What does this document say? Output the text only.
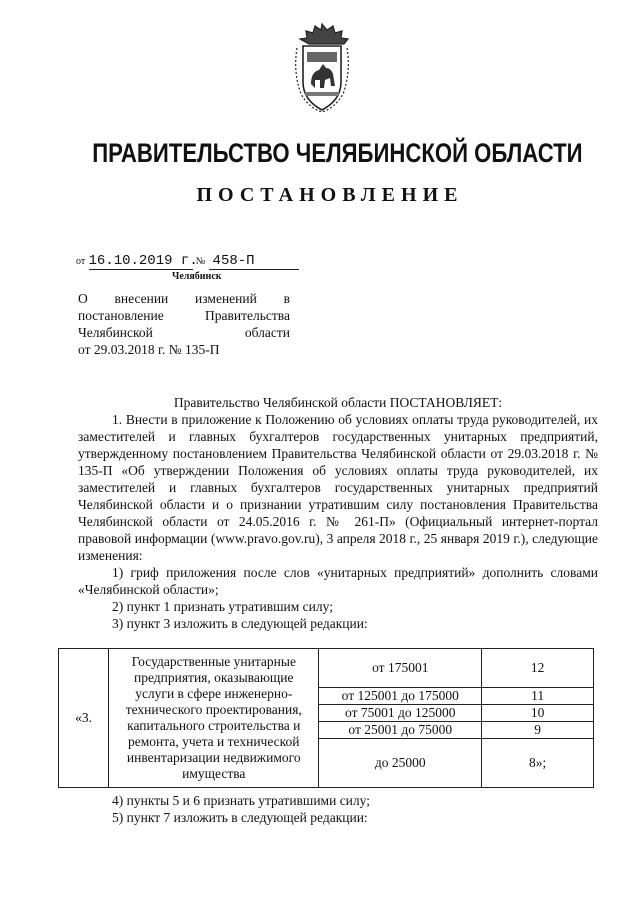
ПРАВИТЕЛЬСТВО ЧЕЛЯБИНСКОЙ ОБЛАСТИ
ПОСТАНОВЛЕНИЕ
от 16.10.2019 г. № 458-П
Челябинск
О внесении изменений в
постановление Правительства
Челябинской области
от 29.03.2018 г. № 135-П

Правительство Челябинской области ПОСТАНОВЛЯЕТ:

1. Внести в приложение к Положению об условиях оплаты труда руководителей, их заместителей и главных бухгалтеров государственных унитарных предприятий, утвержденному постановлением Правительства Челябинской области от 29.03.2018 г. № 135-П «Об утверждении Положения об условиях оплаты труда руководителей, их заместителей и главных бухгалтеров государственных унитарных предприятий Челябинской области и о признании утратившим силу постановления Правительства Челябинской области от 24.05.2016 г. № 261-П» (Официальный интернет-портал правовой информации (www.pravo.gov.ru), 3 апреля 2018 г., 25 января 2019 г.), следующие изменения:

1) гриф приложения после слов «унитарных предприятий» дополнить словами «Челябинской области»;

2) пункт 1 признать утратившим силу;

3) пункт 3 изложить в следующей редакции:

«3.	Государственные унитарные предприятия, оказывающие услуги в сфере инженерно-технического проектирования, капитального строительства и ремонта, учета и технической инвентаризации недвижимого имущества	от 175001	12
		от 125001 до 175000	11
		от 75001 до 125000	10
		от 25001 до 75000	9
		до 25000	8»;

4) пункты 5 и 6 признать утратившими силу;

5) пункт 7 изложить в следующей редакции:
